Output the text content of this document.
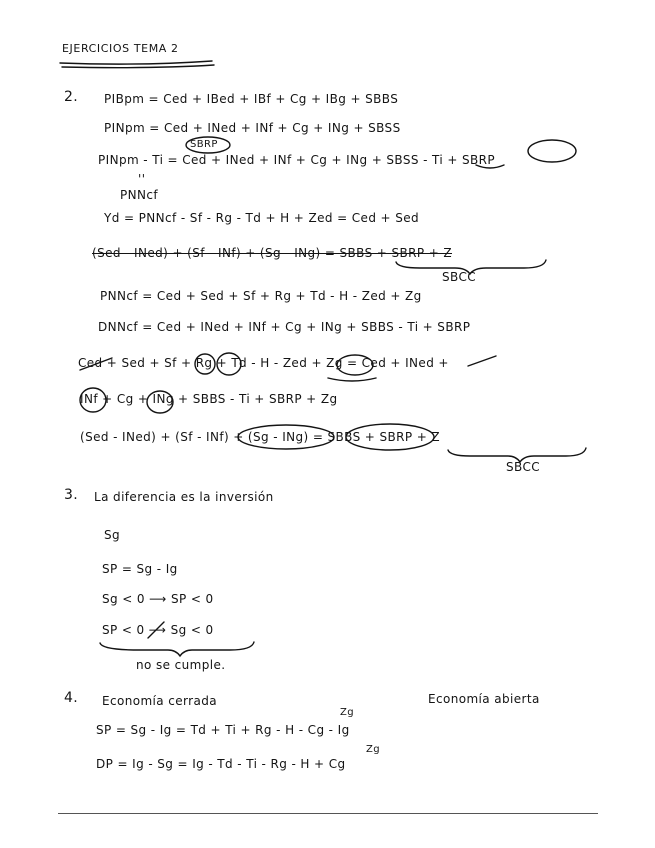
EJERCICIOS TEMA 2
2. PIBpm = Ced + IBed + IBf + Cg + IBg + SBBS
PINpm = Ced + INed + INf + Cg + INg + SBSS
SBRP
PINpm - Ti = Ced + INed + INf + Cg + INg + SBSS - Ti + SBRP
''
PNNcf
Yd = PNNcf - Sf - Rg - Td + H + Zed = Ced + Sed
(Sed - INed) + (Sf - INf) + (Sg - INg) = SBBS + SBRP + Z
SBCC
PNNcf = Ced + Sed + Sf + Rg + Td - H - Zed + Zg
DNNcf = Ced + INed + INf + Cg + INg + SBBS - Ti + SBRP
Ced + Sed + Sf + Rg + Td - H - Zed + Zg = Ced + INed +
INf + Cg + INg + SBBS - Ti + SBRP + Zg
(Sed - INed) + (Sf - INf) + (Sg - INg) = SBBS + SBRP + Z
SBCC
3. La diferencia es la inversión
Sg
SP = Sg - Ig
Sg < 0 ⟶ SP < 0
SP < 0 ⟶ Sg < 0
no se cumple.
4. Economía cerrada	Economía abierta
Zg
SP = Sg - Ig = Td + Ti + Rg - H - Cg - Ig
Zg
DP = Ig - Sg = Ig - Td - Ti - Rg - H + Cg
